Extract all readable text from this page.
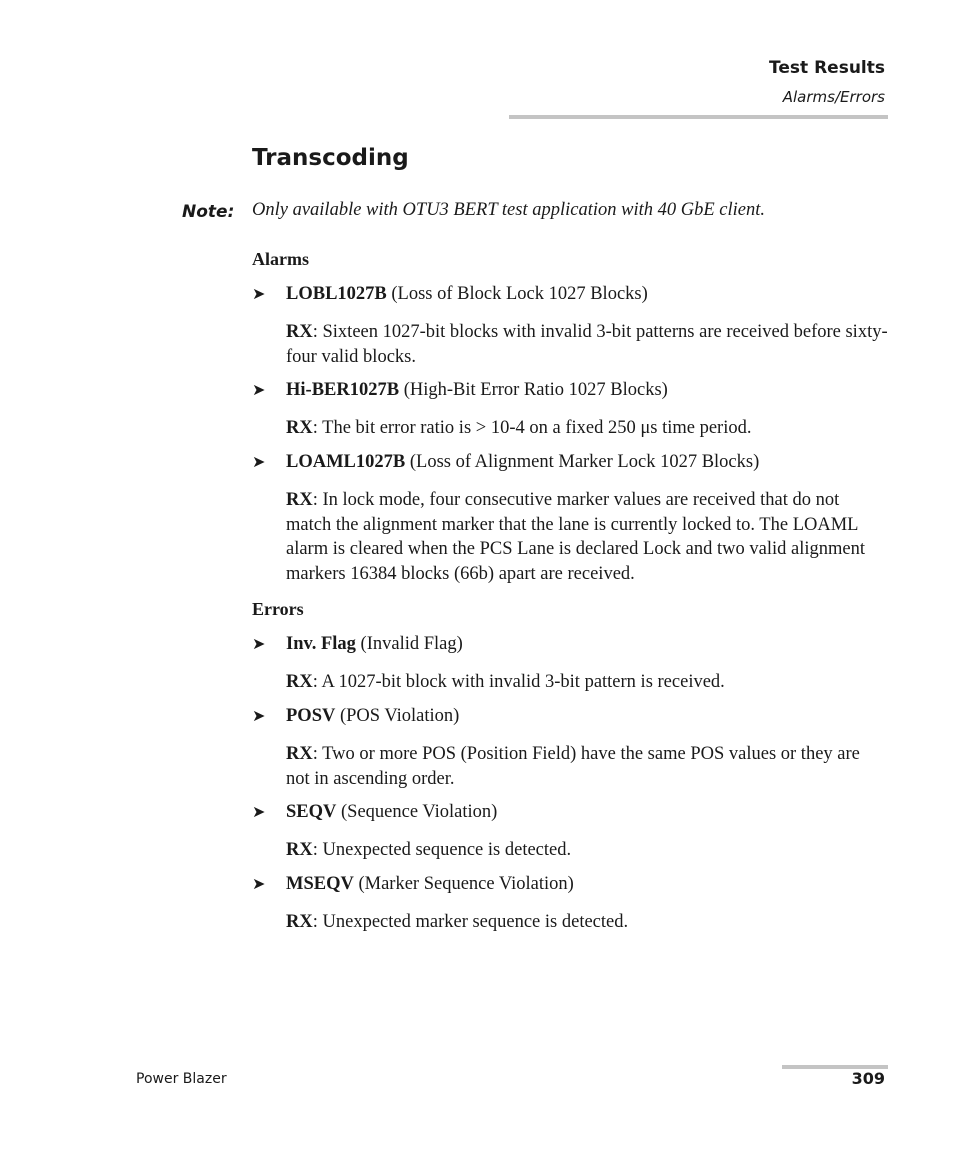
Test Results
Alarms/Errors
Transcoding
Note: Only available with OTU3 BERT test application with 40 GbE client.
Alarms
➤ LOBL1027B (Loss of Block Lock 1027 Blocks)
RX: Sixteen 1027-bit blocks with invalid 3-bit patterns are received before sixty-four valid blocks.
➤ Hi-BER1027B (High-Bit Error Ratio 1027 Blocks)
RX: The bit error ratio is > 10-4 on a fixed 250 μs time period.
➤ LOAML1027B (Loss of Alignment Marker Lock 1027 Blocks)
RX: In lock mode, four consecutive marker values are received that do not match the alignment marker that the lane is currently locked to. The LOAML alarm is cleared when the PCS Lane is declared Lock and two valid alignment markers 16384 blocks (66b) apart are received.
Errors
➤ Inv. Flag (Invalid Flag)
RX: A 1027-bit block with invalid 3-bit pattern is received.
➤ POSV (POS Violation)
RX: Two or more POS (Position Field) have the same POS values or they are not in ascending order.
➤ SEQV (Sequence Violation)
RX: Unexpected sequence is detected.
➤ MSEQV (Marker Sequence Violation)
RX: Unexpected marker sequence is detected.
Power Blazer	309
